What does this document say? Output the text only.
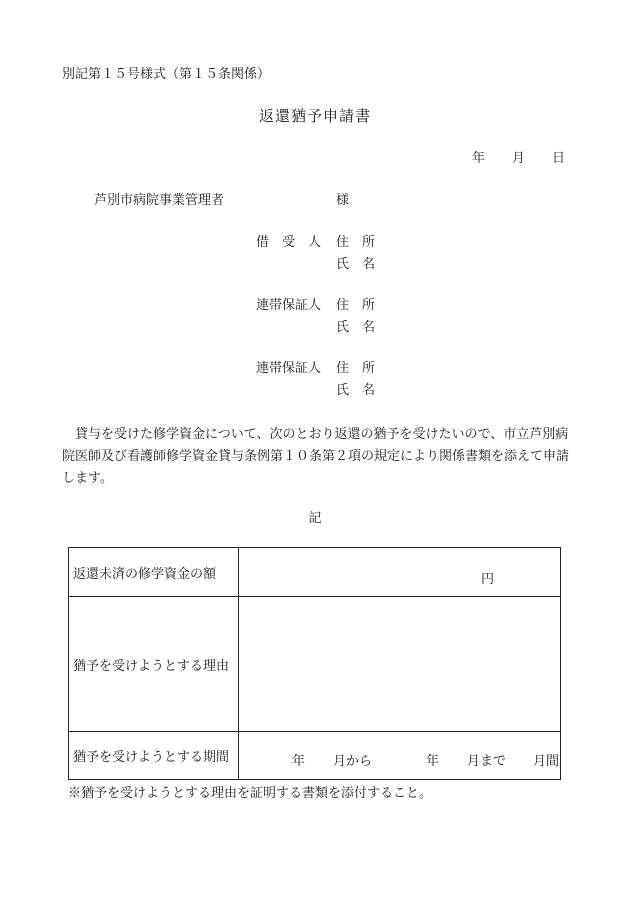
別記第１５号様式（第１５条関係）
返還猶予申請書
年 月 日
芦別市病院事業管理者	様
借　受　人 住　所
氏　名
連帯保証人 住　所
氏　名
連帯保証人 住　所
氏　名
貸与を受けた修学資金について、次のとおり返還の猶予を受けたいので、市立芦別病院医師及び看護師修学資金貸与条例第１０条第２項の規定により関係書類を添えて申請します。
記
返還未済の修学資金の額	円

猶予を受けようとする理由	
猶予を受けようとする期間	年 月から 年 月まで 月間
※猶予を受けようとする理由を証明する書類を添付すること。
